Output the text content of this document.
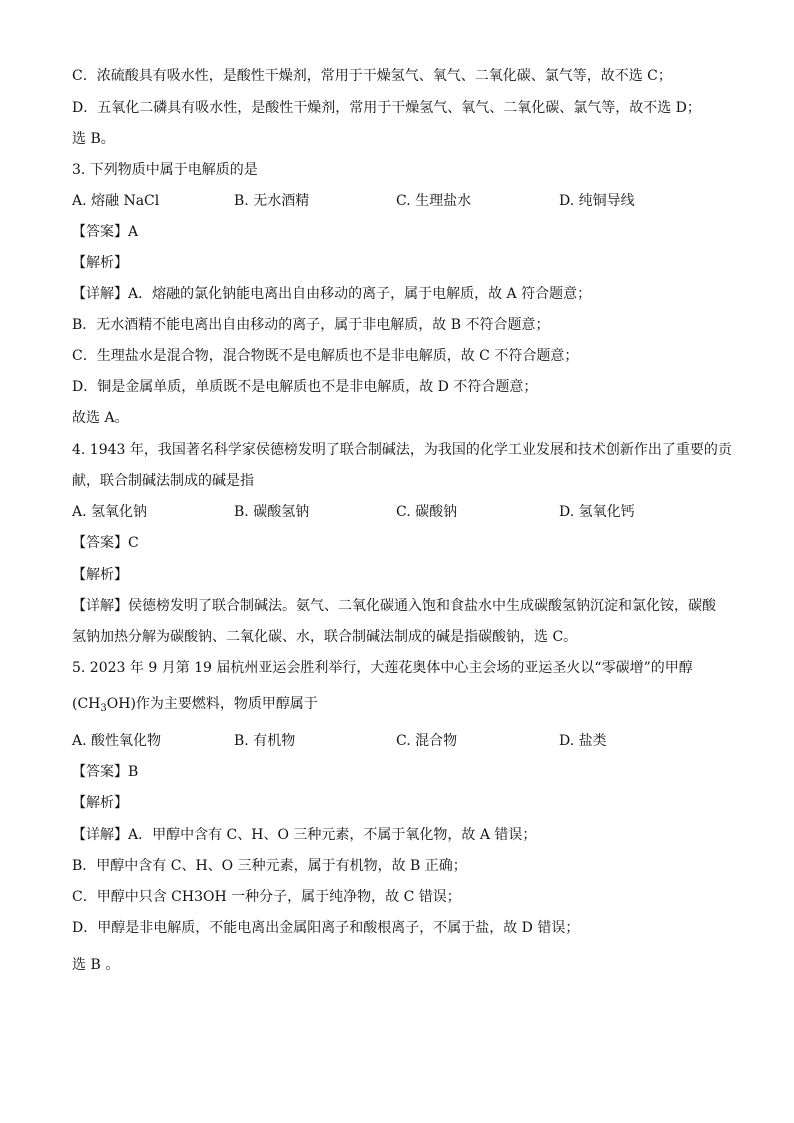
C．浓硫酸具有吸水性，是酸性干燥剂，常用于干燥氢气、氧气、二氧化碳、氯气等，故不选 C；
D．五氧化二磷具有吸水性，是酸性干燥剂，常用于干燥氢气、氧气、二氧化碳、氯气等，故不选 D；
选 B。
3. 下列物质中属于电解质的是
A. 熔融 NaCl	B. 无水酒精	C. 生理盐水	D. 纯铜导线
【答案】A
【解析】
【详解】A．熔融的氯化钠能电离出自由移动的离子，属于电解质，故 A 符合题意；
B．无水酒精不能电离出自由移动的离子，属于非电解质，故 B 不符合题意；
C．生理盐水是混合物，混合物既不是电解质也不是非电解质，故 C 不符合题意；
D．铜是金属单质，单质既不是电解质也不是非电解质，故 D 不符合题意；
故选 A。
4. 1943 年，我国著名科学家侯德榜发明了联合制碱法，为我国的化学工业发展和技术创新作出了重要的贡
献，联合制碱法制成的碱是指
A. 氢氧化钠	B. 碳酸氢钠	C. 碳酸钠	D. 氢氧化钙
【答案】C
【解析】
【详解】侯德榜发明了联合制碱法。氨气、二氧化碳通入饱和食盐水中生成碳酸氢钠沉淀和氯化铵，碳酸
氢钠加热分解为碳酸钠、二氧化碳、水，联合制碱法制成的碱是指碳酸钠，选 C。
5. 2023 年 9 月第 19 届杭州亚运会胜利举行，大莲花奥体中心主会场的亚运圣火以“零碳增”的甲醇
$(CH_3OH)$作为主要燃料，物质甲醇属于
A. 酸性氧化物	B. 有机物	C. 混合物	D. 盐类
【答案】B
【解析】
【详解】A．甲醇中含有 C、H、O 三种元素，不属于氧化物，故 A 错误；
B．甲醇中含有 C、H、O 三种元素，属于有机物，故 B 正确；
C．甲醇中只含 CH3OH 一种分子，属于纯净物，故 C 错误；
D．甲醇是非电解质，不能电离出金属阳离子和酸根离子，不属于盐，故 D 错误；
选 B 。
